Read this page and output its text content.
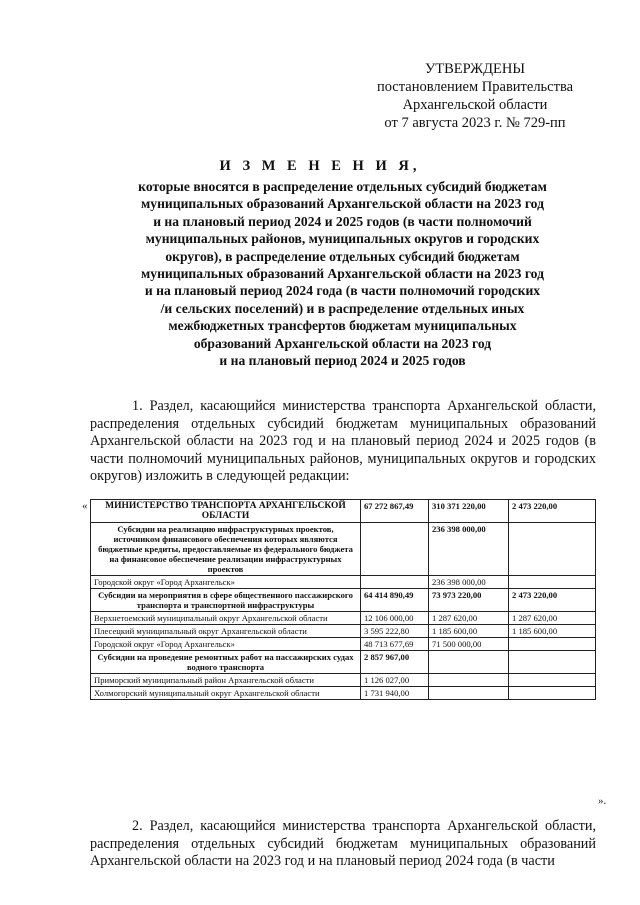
УТВЕРЖДЕНЫ
постановлением Правительства
Архангельской области
от 7 августа 2023 г. № 729-пп
И З М Е Н Е Н И Я,
которые вносятся в распределение отдельных субсидий бюджетам
муниципальных образований Архангельской области на 2023 год
и на плановый период 2024 и 2025 годов (в части полномочий
муниципальных районов, муниципальных округов и городских
округов), в распределение отдельных субсидий бюджетам
муниципальных образований Архангельской области на 2023 год
и на плановый период 2024 года (в части полномочий городских
/и сельских поселений) и в распределение отдельных иных
межбюджетных трансфертов бюджетам муниципальных
образований Архангельской области на 2023 год
и на плановый период 2024 и 2025 годов
1. Раздел, касающийся министерства транспорта Архангельской области, распределения отдельных субсидий бюджетам муниципальных образований Архангельской области на 2023 год и на плановый период 2024 и 2025 годов (в части полномочий муниципальных районов, муниципальных округов и городских округов) изложить в следующей редакции:
« МИНИСТЕРСТВО ТРАНСПОРТА АРХАНГЕЛЬСКОЙ ОБЛАСТИ	67 272 867,49	310 371 220,00	2 473 220,00
Субсидии на реализацию инфраструктурных проектов, источником финансового обеспечения которых являются бюджетные кредиты, предоставляемые из федерального бюджета на финансовое обеспечение реализации инфраструктурных проектов		236 398 000,00	
Городской округ «Город Архангельск»		236 398 000,00	
Субсидии на мероприятия в сфере общественного пассажирского транспорта и транспортной инфраструктуры	64 414 890,49	73 973 220,00	2 473 220,00
Верхнетоемский муниципальный округ Архангельской области	12 106 000,00	1 287 620,00	1 287 620,00
Плесецкий муниципальный округ Архангельской области	3 595 222,80	1 185 600,00	1 185 600,00
Городской округ «Город Архангельск»	48 713 677,69	71 500 000,00	
Субсидии на проведение ремонтных работ на пассажирских судах водного транспорта	2 857 967,00		
Приморский муниципальный район Архангельской области	1 126 027,00		
Холмогорский муниципальный округ Архангельской области	1 731 940,00		
».
2. Раздел, касающийся министерства транспорта Архангельской области, распределения отдельных субсидий бюджетам муниципальных образований Архангельской области на 2023 год и на плановый период 2024 года (в части
